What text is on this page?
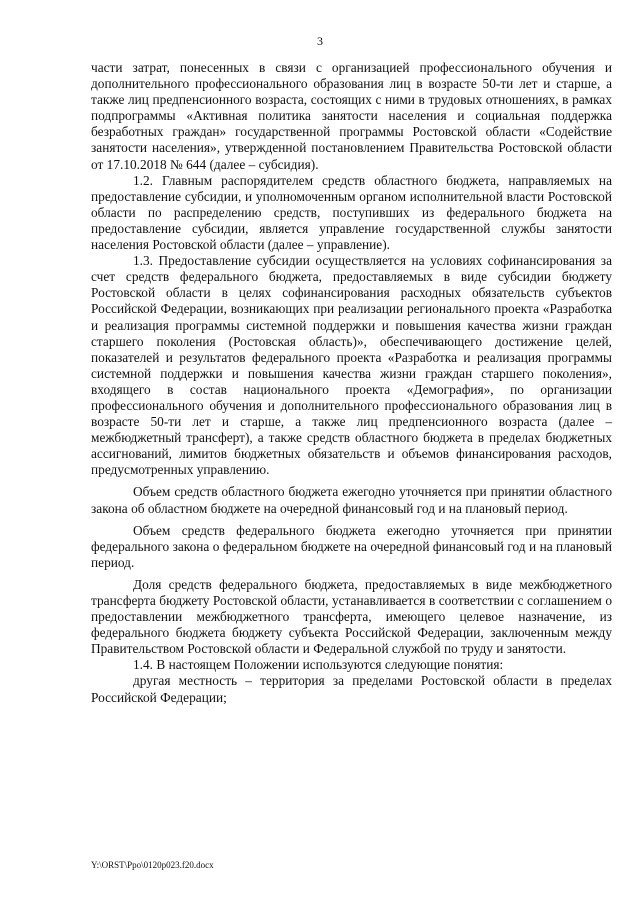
3

части затрат, понесенных в связи с организацией профессионального обучения и дополнительного профессионального образования лиц в возрасте 50-ти лет и старше, а также лиц предпенсионного возраста, состоящих с ними в трудовых отношениях, в рамках подпрограммы «Активная политика занятости населения и социальная поддержка безработных граждан» государственной программы Ростовской области «Содействие занятости населения», утвержденной постановлением Правительства Ростовской области от 17.10.2018 № 644 (далее – субсидия).

1.2. Главным распорядителем средств областного бюджета, направляемых на предоставление субсидии, и уполномоченным органом исполнительной власти Ростовской области по распределению средств, поступивших из федерального бюджета на предоставление субсидии, является управление государственной службы занятости населения Ростовской области (далее – управление).

1.3. Предоставление субсидии осуществляется на условиях софинансирования за счет средств федерального бюджета, предоставляемых в виде субсидии бюджету Ростовской области в целях софинансирования расходных обязательств субъектов Российской Федерации, возникающих при реализации регионального проекта «Разработка и реализация программы системной поддержки и повышения качества жизни граждан старшего поколения (Ростовская область)», обеспечивающего достижение целей, показателей и результатов федерального проекта «Разработка и реализация программы системной поддержки и повышения качества жизни граждан старшего поколения», входящего в состав национального проекта «Демография», по организации профессионального обучения и дополнительного профессионального образования лиц в возрасте 50-ти лет и старше, а также лиц предпенсионного возраста (далее – межбюджетный трансферт), а также средств областного бюджета в пределах бюджетных ассигнований, лимитов бюджетных обязательств и объемов финансирования расходов, предусмотренных управлению.

Объем средств областного бюджета ежегодно уточняется при принятии областного закона об областном бюджете на очередной финансовый год и на плановый период.

Объем средств федерального бюджета ежегодно уточняется при принятии федерального закона о федеральном бюджете на очередной финансовый год и на плановый период.

Доля средств федерального бюджета, предоставляемых в виде межбюджетного трансферта бюджету Ростовской области, устанавливается в соответствии с соглашением о предоставлении межбюджетного трансферта, имеющего целевое назначение, из федерального бюджета бюджету субъекта Российской Федерации, заключенным между Правительством Ростовской области и Федеральной службой по труду и занятости.

1.4. В настоящем Положении используются следующие понятия:

другая местность – территория за пределами Ростовской области в пределах Российской Федерации;

Y:\ORST\Ppo\0120p023.f20.docx
